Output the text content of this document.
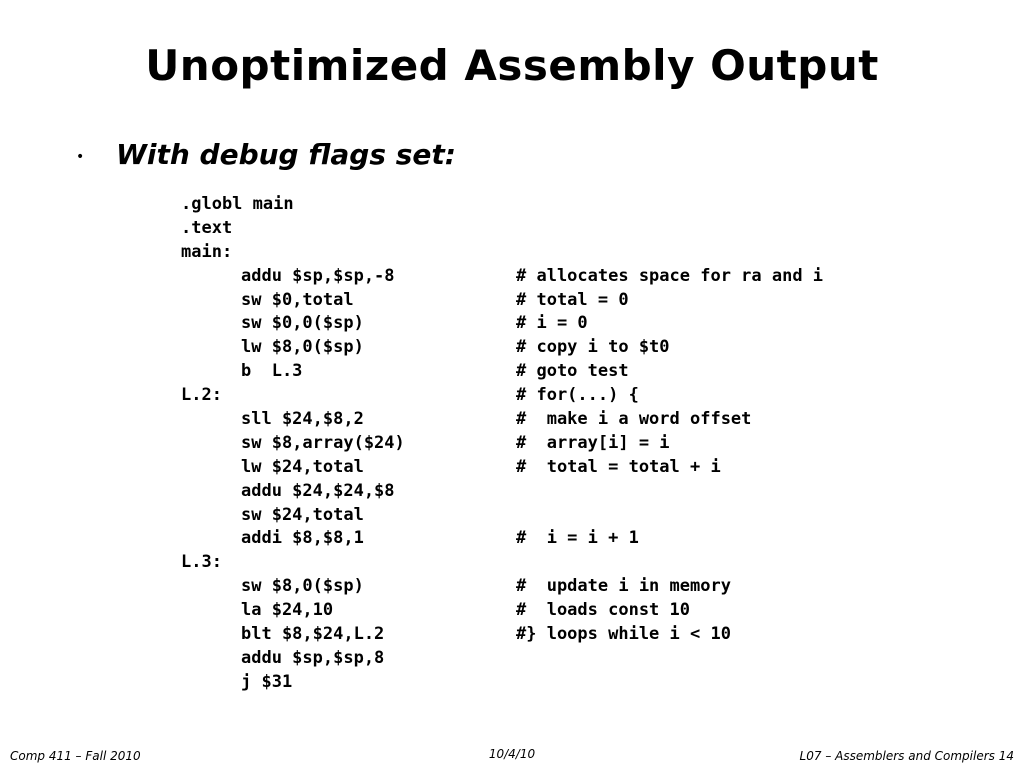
Unoptimized Assembly Output
• With debug flags set:
.globl main
.text
main:
addu $sp,$sp,-8	# allocates space for ra and i
sw $0,total	# total = 0
sw $0,0($sp)	# i = 0
lw $8,0($sp)	# copy i to $t0
b  L.3	# goto test
L.2:	# for(...) {
sll $24,$8,2	#  make i a word offset
sw $8,array($24)	#  array[i] = i
lw $24,total	#  total = total + i
addu $24,$24,$8
sw $24,total
addi $8,$8,1	#  i = i + 1
L.3:
sw $8,0($sp)	#  update i in memory
la $24,10	#  loads const 10
blt $8,$24,L.2	#} loops while i < 10
addu $sp,$sp,8
j $31
Comp 411 – Fall 2010	10/4/10	L07 – Assemblers and Compilers 14
